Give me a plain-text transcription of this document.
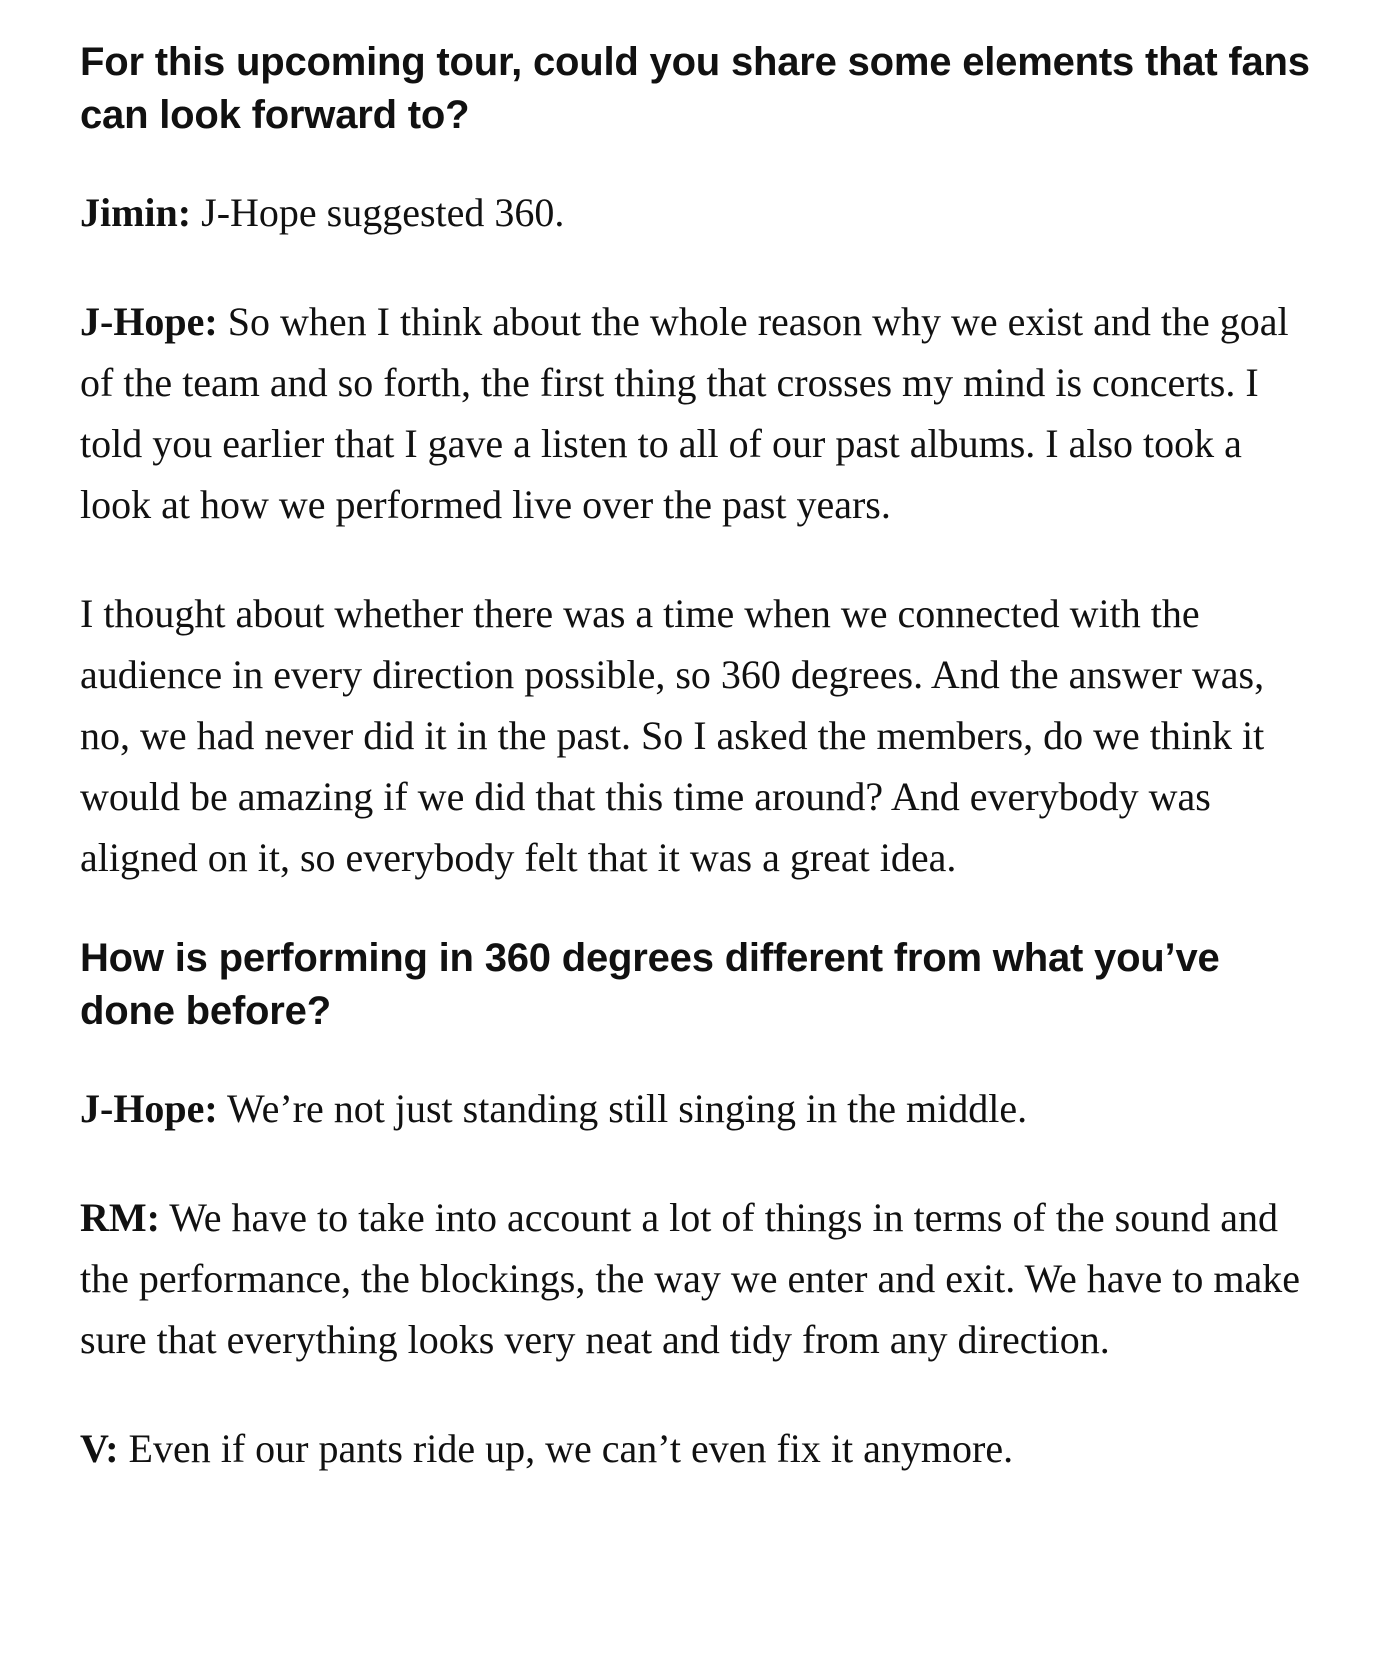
For this upcoming tour, could you share some elements that fans can look forward to?

Jimin: J-Hope suggested 360.

J-Hope: So when I think about the whole reason why we exist and the goal of the team and so forth, the first thing that crosses my mind is concerts. I told you earlier that I gave a listen to all of our past albums. I also took a look at how we performed live over the past years.

I thought about whether there was a time when we connected with the audience in every direction possible, so 360 degrees. And the answer was, no, we had never did it in the past. So I asked the members, do we think it would be amazing if we did that this time around? And everybody was aligned on it, so everybody felt that it was a great idea.

How is performing in 360 degrees different from what you’ve done before?

J-Hope: We’re not just standing still singing in the middle.

RM: We have to take into account a lot of things in terms of the sound and the performance, the blockings, the way we enter and exit. We have to make sure that everything looks very neat and tidy from any direction.

V: Even if our pants ride up, we can’t even fix it anymore.
